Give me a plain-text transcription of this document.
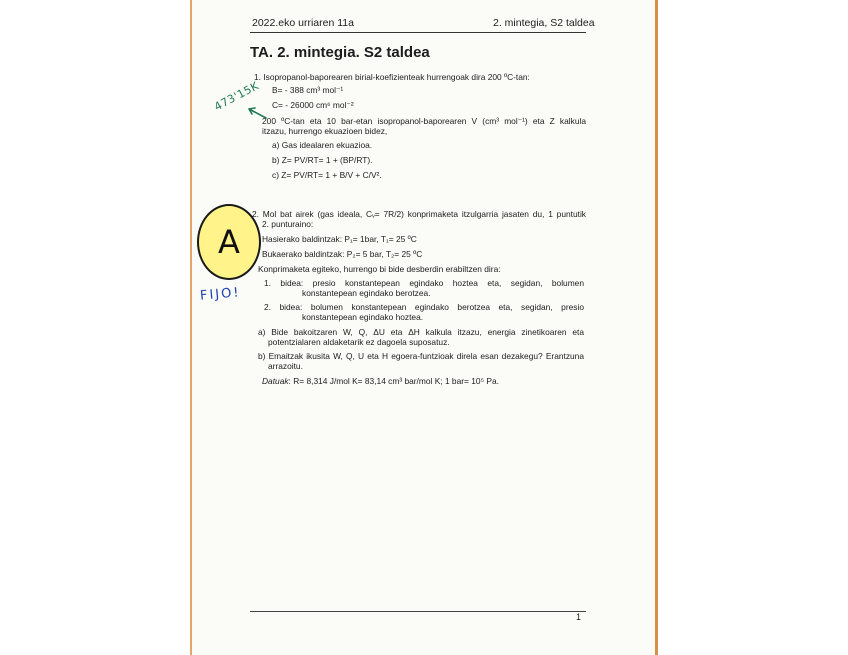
2022.eko urriaren 11a	2. mintegia, S2 taldea
TA. 2. mintegia. S2 taldea
1. Isopropanol-baporearen birial-koefizienteak hurrengoak dira 200 ºC-tan:
B= - 388 cm³ mol⁻¹
C= - 26000 cm⁶ mol⁻²
200 ºC-tan eta 10 bar-etan isopropanol-baporearen V (cm³ mol⁻¹) eta Z kalkula
itzazu, hurrengo ekuazioen bidez,
a) Gas idealaren ekuazioa.
b) Z= PV/RT= 1 + (BP/RT).
c) Z= PV/RT= 1 + B/V + C/V².
2. Mol bat airek (gas ideala, Cᵥ= 7R/2) konprimaketa itzulgarria jasaten du, 1 puntutik
2. punturaino:
Hasierako baldintzak: P₁= 1bar, T₁= 25 ºC
Bukaerako baldintzak: P₂= 5 bar, T₂= 25 ºC
Konprimaketa egiteko, hurrengo bi bide desberdin erabiltzen dira:
1. bidea: presio konstantepean egindako hoztea eta, segidan, bolumen
konstantepean egindako berotzea.
2. bidea: bolumen konstantepean egindako berotzea eta, segidan, presio
konstantepean egindako hoztea.
a) Bide bakoitzaren W, Q, ΔU eta ΔH kalkula itzazu, energia zinetikoaren eta
potentzialaren aldaketarik ez dagoela suposatuz.
b) Emaitzak ikusita W, Q, U eta H egoera-funtzioak direla esan dezakegu? Erantzuna
arrazoitu.
Datuak: R= 8,314 J/mol K= 83,14 cm³ bar/mol K; 1 bar= 10⁵ Pa.
1
473'15K
A
FIJO!
